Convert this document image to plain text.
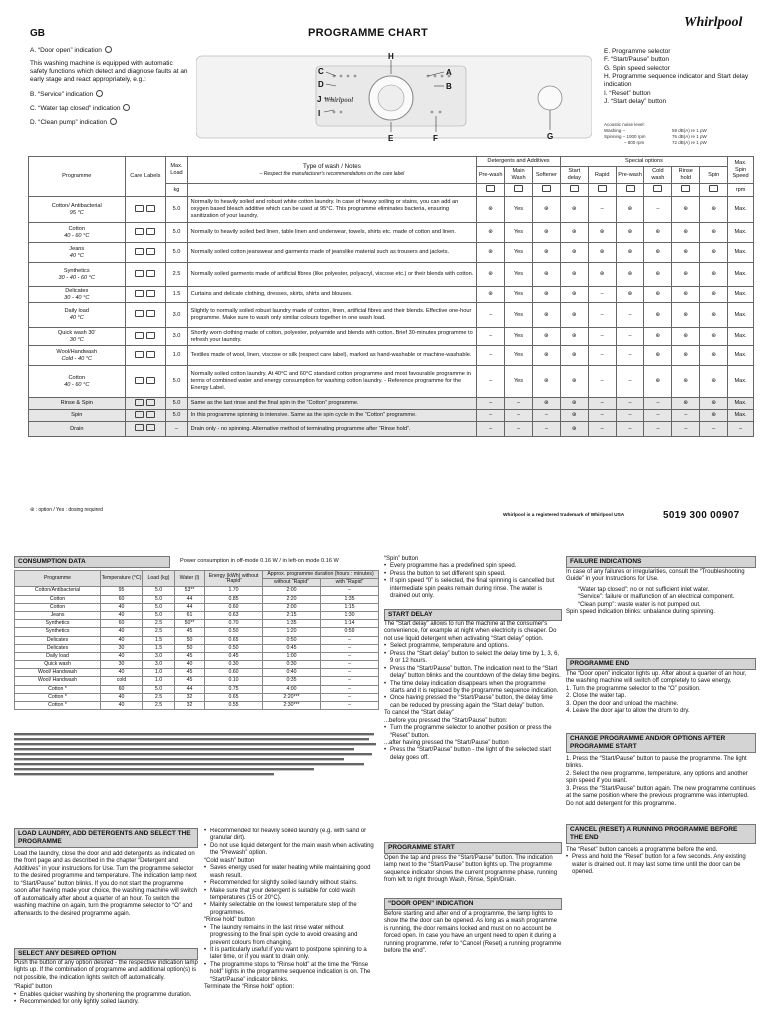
GB	PROGRAMME CHART
Whirlpool

A. “Door open” indication

This washing machine is equipped with automatic safety functions which detect and diagnose faults at an early stage and react appropriately, e.g.:

B. “Service” indication

C. “Water tap closed” indication

D. “Clean pump” indication

Whirlpool
H
A
B
C
D
J
I
E	F	G
E. Programme selector
F. “Start/Pause” button
G. Spin speed selector
H. Programme sequence indicator and Start delay indication
I. “Reset” button
J. “Start delay” button
Acoustic noise level:
Washing –	59 dB(A) re 1 pW
Spinning – 1000 rpm	76 dB(A) re 1 pW
– 800 rpm	72 dB(A) re 1 pW
Programme	Care Labels	Max. Load	Type of wash / Notes
– Respect the manufacturer's recommendations on the care label	Detergents and Additives			Special options						Max. Spin Speed
				Pre-wash	Main Wash	Softener	Start delay	Rapid	Pre-wash	Cold wash	Rinse hold	Spin	
		kg											rpm

Cotton/ Antibacterial
95 °C		5.0	Normally to heavily soiled and robust white cotton laundry. In case of heavy soiling or stains, you can add an oxygen based bleach additive which can be used at 95°C. This programme eliminates bacteria, ensuring sanitization of your laundry.	⊛	Yes	⊛	⊛	–	⊛	–	⊛	⊛	Max.

Cotton
40 - 60 °C		5.0	Normally to heavily soiled bed linen, table linen and underwear, towels, shirts etc. made of cotton and linen.	⊛	Yes	⊛	⊛	⊛	⊛	⊛	⊛	⊛	Max.

Jeans
40 °C		5.0	Normally soiled cotton jeanswear and garments made of jeanslike material such as trousers and jackets.	⊛	Yes	⊛	⊛	⊛	⊛	⊛	⊛	⊛	Max.

Synthetics
30 - 40 - 60 °C		2.5	Normally soiled garments made of artificial fibres (like polyester, polyacryl, viscose etc.) or their blends with cotton.	⊛	Yes	⊛	⊛	⊛	⊛	⊛	⊛	⊛	Max.

Delicates
30 - 40 °C		1.5	Curtains and delicate clothing, dresses, skirts, shirts and blouses.	⊛	Yes	⊛	⊛	–	⊛	⊛	⊛	⊛	Max.

Daily load
40 °C		3.0	Slightly to normally soiled robust laundry made of cotton, linen, artificial fibres and their blends. Effective one-hour programme. Make sure to wash only similar colours together in one wash load.	–	Yes	⊛	⊛	–	–	⊛	⊛	⊛	Max.

Quick wash 30'
30 °C		3.0	Shortly worn clothing made of cotton, polyester, polyamide and blends with cotton. Brief 30-minutes programme to refresh your laundry.	–	Yes	⊛	⊛	–	–	⊛	⊛	⊛	Max.

Wool/Handwash
Cold - 40 °C		1.0	Textiles made of wool, linen, viscose or silk (respect care label), marked as hand-washable or machine-washable.	–	Yes	⊛	⊛	–	–	⊛	⊛	⊛	Max.

Cotton
40 - 60 °C		5.0	Normally soiled cotton laundry. At 40°C and 60°C standard cotton programme and most favourable programme in terms of combined water and energy consumption for washing cotton laundry. - Reference programme for the Energy Label.	–	Yes	⊛	⊛	–	–	⊛	⊛	⊛	Max.

Rinse & Spin		5.0	Same as the last rinse and the final spin in the “Cotton” programme.	–	–	⊛	⊛	–	–	–	⊛	⊛	Max.

Spin		5.0	In this programme spinning is intensive. Same as the spin cycle in the “Cotton” programme.	–	–	–	⊛	–	–	–	–	⊛	Max.

Drain		–	Drain only - no spinning. Alternative method of terminating programme after “Rinse hold”.	–	–	–	⊛	–	–	–	–	–	–
⊛ : option / Yes : dosing required
Whirlpool is a registered trademark of Whirlpool USA	5019 300 00907
CONSUMPTION DATA	Power consumption in off-mode 0.16 W / in left-on mode 0.16 W
Programme	Temperature (°C)	Load (kg)	Water (l)	Energy (kWh) without “Rapid”	Approx. programme duration (hours : minutes)	
					without “Rapid”	with “Rapid”
Cotton/Antibacterial	95	5.0	53**	1.70	2:00	–
Cotton	60	5.0	44	0.85	2:20	1:35
Cotton	40	5.0	44	0.60	2:00	1:15
Jeans	40	5.0	61	0.63	2:15	1:30
Synthetics	60	2.5	50**	0.70	1:35	1:14
Synthetics	40	2.5	45	0.50	1:20	0:59
Delicates	40	1.5	50	0.65	0:50	–
Delicates	30	1.5	50	0.50	0:45	–
Daily load	40	3.0	45	0.45	1:00	–
Quick wash	30	3.0	40	0.30	0:30	–
Wool/ Handwash	40	1.0	45	0.60	0:40	–
Wool/ Handwash	cold	1.0	45	0.10	0:35	–
Cotton *	60	5.0	44	0.75	4:00	–
Cotton *	40	2.5	32	0.65	2:20***	–
Cotton *	40	2.5	32	0.55	2:30***	–
LOAD LAUNDRY, ADD DETERGENTS AND SELECT THE PROGRAMME
Load the laundry, close the door and add detergents as indicated on the front page and as described in the chapter “Detergent and Additives” in your instructions for Use. Turn the programme selector to the desired programme and temperature. The indication lamp next to “Start/Pause” button blinks. If you do not start the programme soon after having made your choice, the washing machine will switch off automatically after about a quarter of an hour. To switch the washing machine on again, turn the programme selector to “O” and afterwards to the desired programme again.
SELECT ANY DESIRED OPTION
Push the button of any option desired - the respective indication lamp lights up. If the combination of programme and additional option(s) is not possible, the indication lights switch off automatically.
“Rapid” button
• Enables quicker washing by shortening the programme duration.
• Recommended for only lightly soiled laundry.
• Recommended for heavily soiled laundry (e.g. with sand or granular dirt).
• Do not use liquid detergent for the main wash when activating the “Prewash” option.
“Cold wash” button
• Saves energy used for water heating while maintaining good wash result.
• Recommended for slightly soiled laundry without stains.
• Make sure that your detergent is suitable for cold wash temperatures (15 or 20°C).
• Mainly selectable on the lowest temperature step of the programmes.
“Rinse hold” button
• The laundry remains in the last rinse water without progressing to the final spin cycle to avoid creasing and prevent colours from changing.
• It is particularly useful if you want to postpone spinning to a later time, or if you want to drain only.
• The programme stops to “Rinse hold” at the time the “Rinse hold” lights in the programme sequence indication is on. The “Start/Pause” indicator blinks.
Terminate the “Rinse hold” option:
“Spin” button
• Every programme has a predefined spin speed.
• Press the button to set different spin speed.
• If spin speed “0” is selected, the final spinning is cancelled but intermediate spin peaks remain during rinse. The water is drained out only.
START DELAY
The “Start delay” allows to run the machine at the consumer's convenience, for example at night when electricity is cheaper. Do not use liquid detergent when activating “Start delay” option.
• Select programme, temperature and options.
• Press the “Start delay” button to select the delay time by 1, 3, 6, 9 or 12 hours.
• Press the “Start/Pause” button. The indication next to the “Start delay” button blinks and the countdown of the delay time begins.
• The time delay indication disappears when the programme starts and it is replaced by the programme sequence indication.
• Once having pressed the “Start/Pause” button, the delay time can be reduced by pressing again the “Start delay” button.
To cancel the “Start delay”
...before you pressed the “Start/Pause” button:
• Turn the programme selector to another position or press the “Reset” button.
...after having pressed the “Start/Pause” button
• Press the “Start/Pause” button - the light of the selected start delay goes off.
PROGRAMME START
Open the tap and press the “Start/Pause” button. The indication lamp next to the “Start/Pause” button lights up. The programme sequence indicator shows the current programme phase, running from left to right through Wash, Rinse, Spin/Drain.
“DOOR OPEN” INDICATION
Before starting and after end of a programme, the lamp lights to show the the door can be opened. As long as a wash programme is running, the door remains locked and must on no account be forced open. In case you have an urgent need to open it during a running programme, refer to “Cancel (Reset) a running programme before the end”.
FAILURE INDICATIONS
In case of any failures or irregularities, consult the “Troubleshooting Guide” in your Instructions for Use.
“Water tap closed”: no or not sufficient inlet water.
“Service”: failure or malfunction of an electrical component.
“Clean pump”: waste water is not pumped out.
Spin speed indication blinks: unbalance during spinning.
PROGRAMME END
The “Door open” indicator lights up. After about a quarter of an hour, the washing machine will switch off completely to save energy.
1. Turn the programme selector to the “O” position.
2. Close the water tap.
3. Open the door and unload the machine.
4. Leave the door ajar to allow the drum to dry.
CHANGE PROGRAMME AND/OR OPTIONS AFTER PROGRAMME START
1. Press the “Start/Pause” button to pause the programme. The light blinks.
2. Select the new programme, temperature, any options and another spin speed if you want.
3. Press the “Start/Pause” button again. The new programme continues at the same position where the previous programme was interrupted. Do not add detergent for this programme.
CANCEL (RESET) A RUNNING PROGRAMME BEFORE THE END
The “Reset” button cancels a programme before the end.
• Press and hold the “Reset” button for a few seconds. Any existing water is drained out. It may last some time until the door can be opened.
